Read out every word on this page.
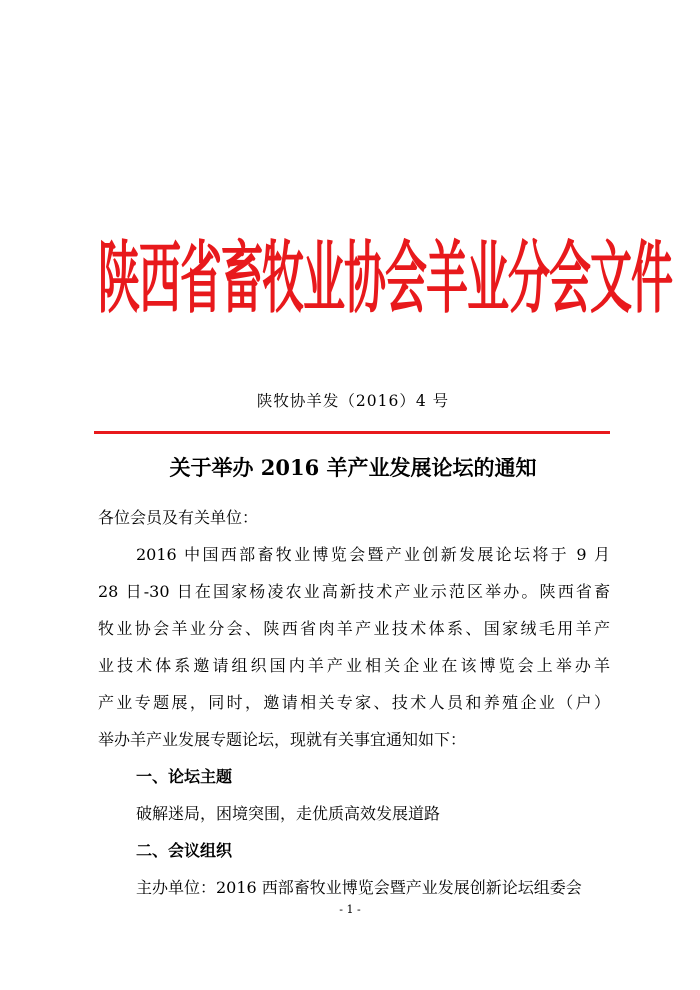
陕西省畜牧业协会羊业分会文件
陕牧协羊发（2016）4 号
关于举办 2016 羊产业发展论坛的通知
各位会员及有关单位：
2016 中国西部畜牧业博览会暨产业创新发展论坛将于 9 月
28 日-30 日在国家杨凌农业高新技术产业示范区举办。陕西省畜
牧业协会羊业分会、陕西省肉羊产业技术体系、国家绒毛用羊产
业技术体系邀请组织国内羊产业相关企业在该博览会上举办羊
产业专题展，同时，邀请相关专家、技术人员和养殖企业（户）
举办羊产业发展专题论坛，现就有关事宜通知如下：
一、论坛主题
破解迷局，困境突围，走优质高效发展道路
二、会议组织
主办单位：2016 西部畜牧业博览会暨产业发展创新论坛组委会
- 1 -
